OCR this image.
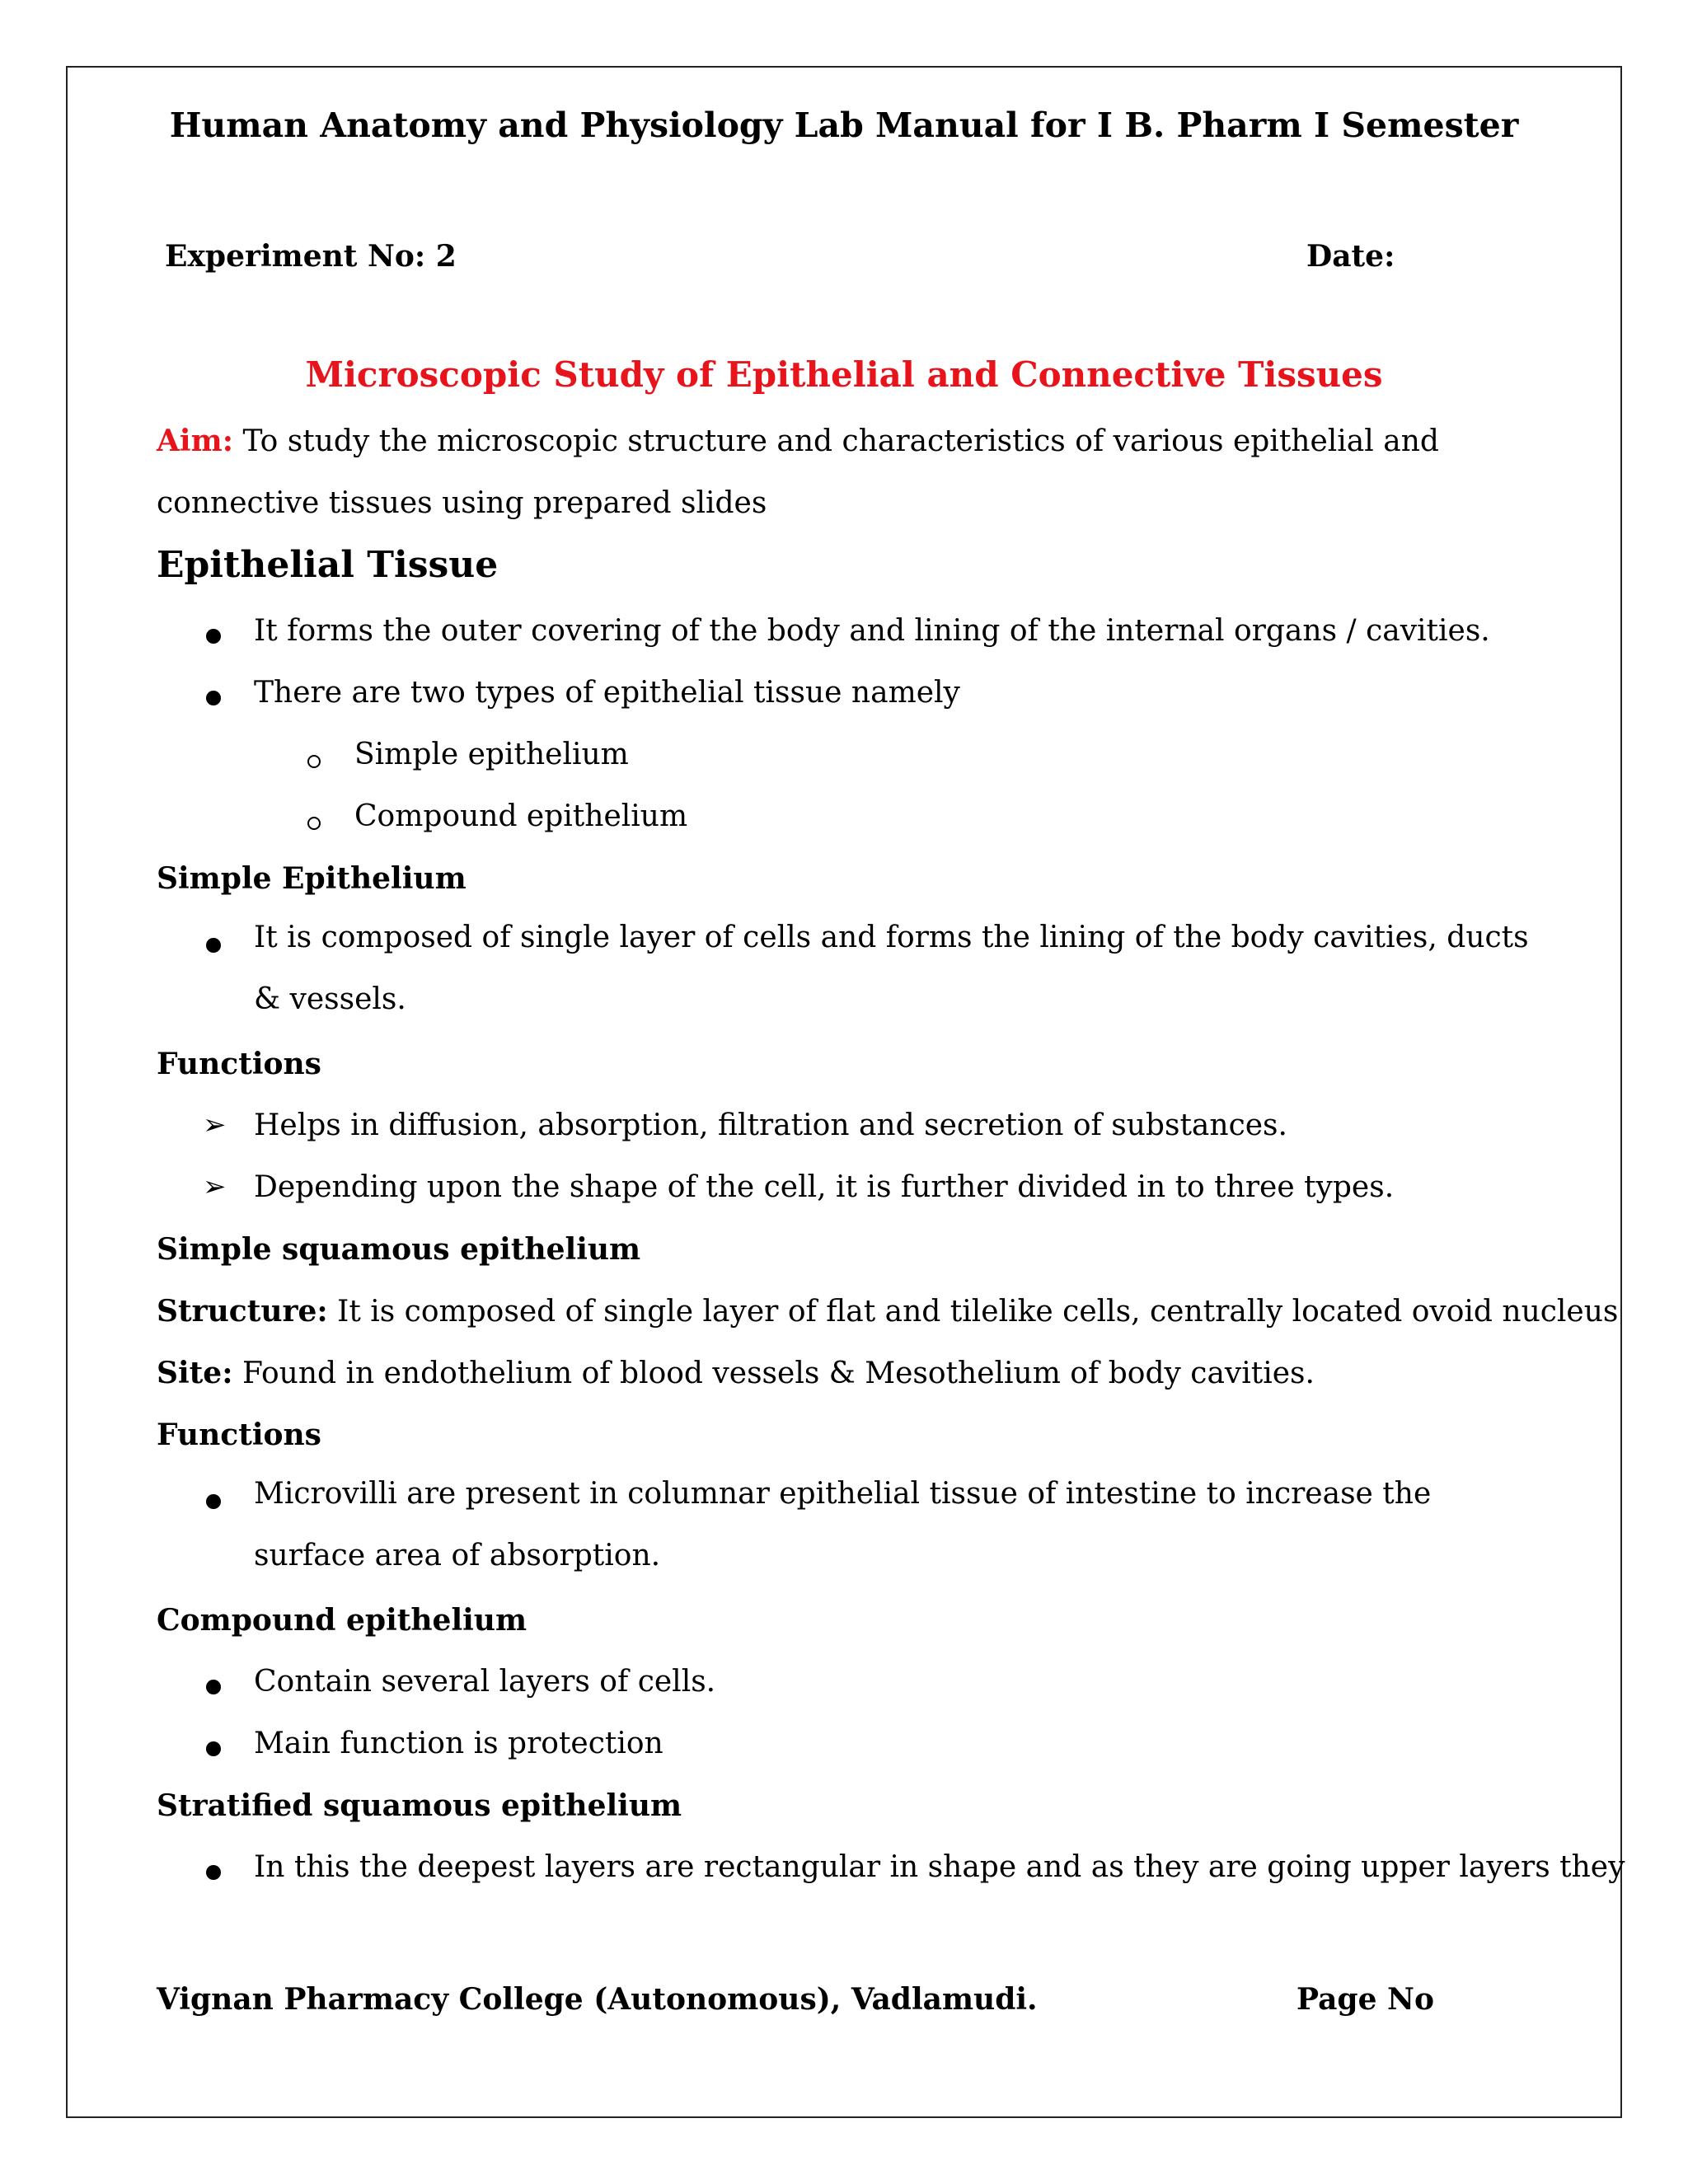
Human Anatomy and Physiology Lab Manual for I B. Pharm I Semester
Experiment No: 2	Date:
Microscopic Study of Epithelial and Connective Tissues
Aim: To study the microscopic structure and characteristics of various epithelial and connective tissues using prepared slides
Epithelial Tissue
It forms the outer covering of the body and lining of the internal organs / cavities.
There are two types of epithelial tissue namely
Simple epithelium
Compound epithelium
Simple Epithelium
It is composed of single layer of cells and forms the lining of the body cavities, ducts & vessels.
Functions
➢ Helps in diffusion, absorption, filtration and secretion of substances.
➢ Depending upon the shape of the cell, it is further divided in to three types.
Simple squamous epithelium
Structure: It is composed of single layer of flat and tilelike cells, centrally located ovoid nucleus
Site: Found in endothelium of blood vessels & Mesothelium of body cavities.
Functions
Microvilli are present in columnar epithelial tissue of intestine to increase the surface area of absorption.
Compound epithelium
Contain several layers of cells.
Main function is protection
Stratified squamous epithelium
In this the deepest layers are rectangular in shape and as they are going upper layers they
Vignan Pharmacy College (Autonomous), Vadlamudi.	Page No
